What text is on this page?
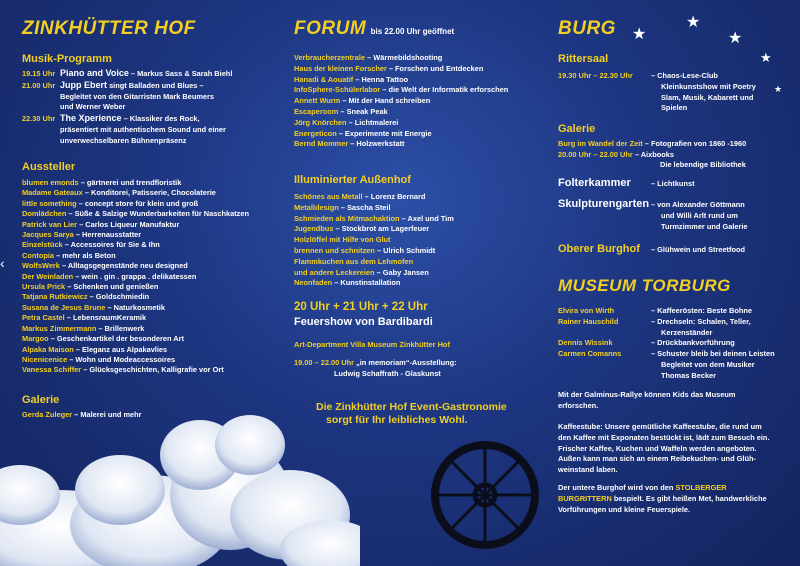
‹
★
★
★
★
★
ZINKHÜTTER HOF
Musik-Programm
19.15 Uhr Piano and Voice – Markus Sass & Sarah Biehl
21.00 Uhr Jupp Ebert singt Balladen und Blues –
Begleitet von den Gitarristen Mark Beumers
und Werner Weber
22.30 Uhr The Xperience – Klassiker des Rock,
präsentiert mit authentischem Sound und einer
unverwechselbaren Bühnenpräsenz
Aussteller
blumen emonds – gärtnerei und trendfloristik
Madame Gateaux – Konditorei, Patisserie, Chocolaterie
little something – concept store für klein und groß
Domlädchen – Süße & Salzige Wunderbarkeiten für Naschkatzen
Patrick van Lier – Carlos Liqueur Manufaktur
Jacques Sarya – Herrenausstatter
Einzelstück – Accessoires für Sie & Ihn
Contopia – mehr als Beton
WolfsWerk – Alltagsgegenstände neu designed
Der Weinladen – wein . gin . grappa . delikatessen
Ursula Prick – Schenken und genießen
Tatjana Rutkiewicz – Goldschmiedin
Susana de Jesus Brune – Naturkosmetik
Petra Castel – LebensraumKeramik
Markus Zimmermann – Brillenwerk
Margoo – Geschenkartikel der besonderen Art
Alpaka Maison – Eleganz aus Alpakavlies
Nicenicenice – Wohn und Modeaccessoires
Vanessa Schiffer – Glücksgeschichten, Kalligrafie vor Ort
Galerie
Gerda Zuleger – Malerei und mehr
FORUM bis 22.00 Uhr geöffnet
Verbraucherzentrale – Wärmebildshooting
Haus der kleinen Forscher – Forschen und Entdecken
Hanadi & Aouatif – Henna Tattoo
InfoSphere-Schülerlabor – die Welt der Informatik erforschen
Annett Wurm – Mit der Hand schreiben
Escaperoom – Sneak Peak
Jörg Knörchen – Lichtmalerei
Energeticon – Experimente mit Energie
Bernd Mommer – Holzwerkstatt
Illuminierter Außenhof
Schönes aus Metall – Lorenz Bernard
Metalldesign – Sascha Steil
Schmieden als Mitmachaktion – Axel und Tim
Jugendbus – Stockbrot am Lagerfeuer
Holzlöffel mit Hilfe von Glut
brennen und schnitzen – Ulrich Schmidt
Flammkuchen aus dem Lehmofen
und andere Leckereien – Gaby Jansen
Neonfaden – Kunstinstallation
20 Uhr + 21 Uhr + 22 Uhr
Feuershow von Bardibardi
Art-Department Villa Museum Zinkhütter Hof
19.00 – 22.00 Uhr „in memoriam“-Ausstellung:
Ludwig Schaffrath - Glaskunst
Die Zinkhütter Hof Event-Gastronomie
sorgt für Ihr leibliches Wohl.
BURG
Rittersaal
19.30 Uhr – 22.30 Uhr – Chaos-Lese-Club
Kleinkunstshow mit Poetry
Slam, Musik, Kabarett und
Spielen
Galerie
Burg im Wandel der Zeit – Fotografien von 1860 -1960
20.00 Uhr – 22.00 Uhr – Aixbooks
Die lebendige Bibliothek
Folterkammer	– Lichtkunst
Skulpturengarten – von Alexander Göttmann
und Willi Arlt rund um
Turmzimmer und Galerie
Oberer Burghof – Glühwein und Streetfood
MUSEUM TORBURG
Elvira von Wirth	– Kaffeerösten: Beste Bohne
Rainer Hauschild	– Drechseln: Schalen, Teller,
Kerzenständer
Dennis Wissink	– Drückbankvorführung
Carmen Comanns	– Schuster bleib bei deinen Leisten
Begleitet von dem Musiker
Thomas Becker
Mit der Galminus-Rallye können Kids das Museum
erforschen.
Kaffeestube: Unsere gemütliche Kaffeestube, die rund um
den Kaffee mit Exponaten bestückt ist, lädt zum Besuch ein.
Frischer Kaffee, Kuchen und Waffeln werden angeboten.
Außen kann man sich an einem Reibekuchen- und Glüh-
weinstand laben.
Der untere Burghof wird von den STOLBERGER
BURGRITTERN bespielt. Es gibt heißen Met, handwerkliche
Vorführungen und kleine Feuerspiele.
